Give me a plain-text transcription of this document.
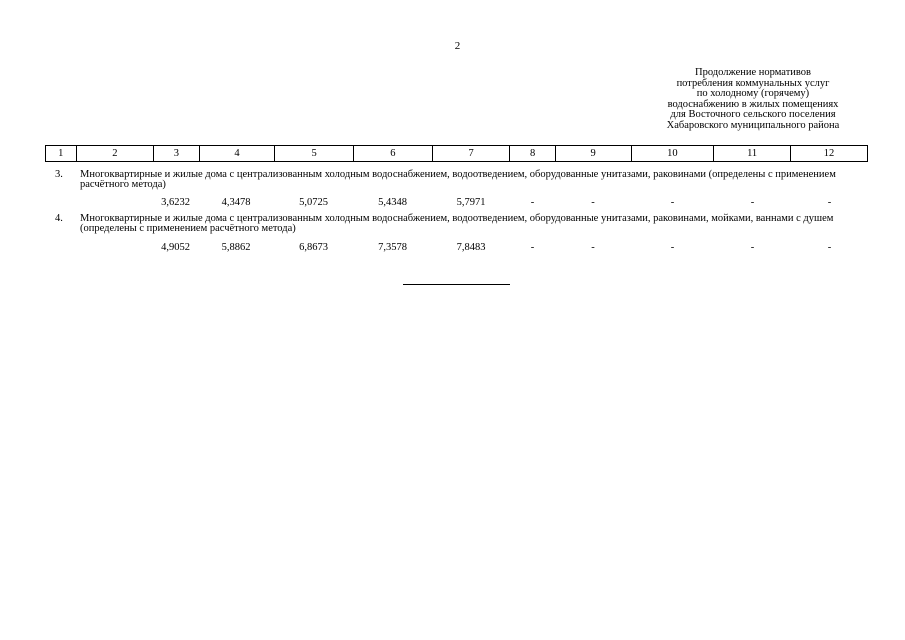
2
Продолжение нормативов
потребления коммунальных услуг
по холодному (горячему)
водоснабжению в жилых помещениях
для Восточного сельского поселения
Хабаровского муниципального района
1	2	3	4	5	6	7	8	9	10	11	12
3. Многоквартирные и жилые дома с централизованным холодным водоснабжением, водоотведением, оборудованные унитазами, раковинами (определены с применением расчётного метода)
3,6232	4,3478	5,0725	5,4348	5,7971	-	-	-	-	-
4. Многоквартирные и жилые дома с централизованным холодным водоснабжением, водоотведением, оборудованные унитазами, раковинами, мойками, ваннами с душем (определены с применением расчётного метода)
4,9052	5,8862	6,8673	7,3578	7,8483	-	-	-	-	-
